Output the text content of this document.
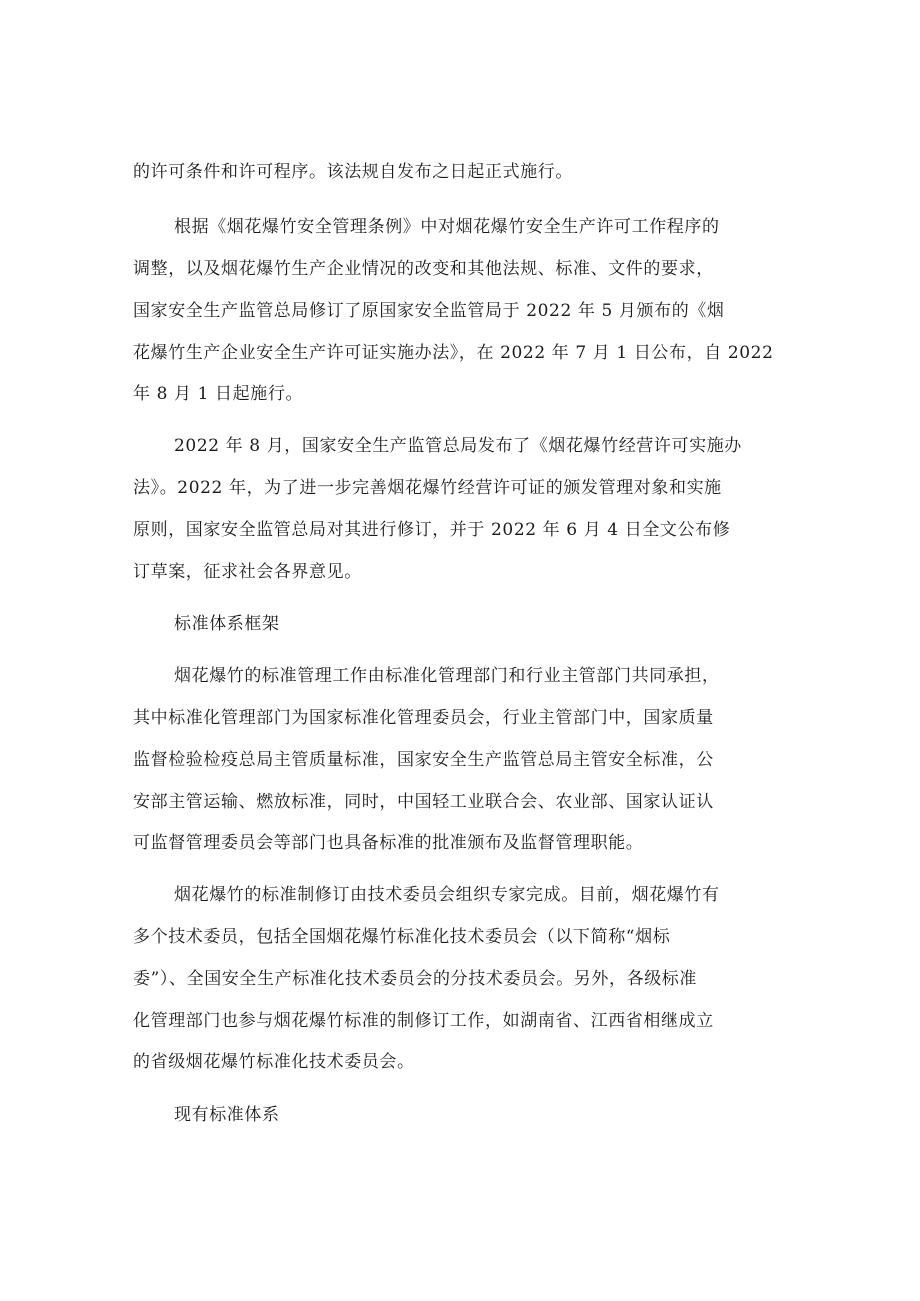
的许可条件和许可程序。该法规自发布之日起正式施行。
根据《烟花爆竹安全管理条例》中对烟花爆竹安全生产许可工作程序的
调整，以及烟花爆竹生产企业情况的改变和其他法规、标准、文件的要求，
国家安全生产监管总局修订了原国家安全监管局于 2022 年 5 月颁布的《烟
花爆竹生产企业安全生产许可证实施办法》，在 2022 年 7 月 1 日公布，自 2022
年 8 月 1 日起施行。
2022 年 8 月，国家安全生产监管总局发布了《烟花爆竹经营许可实施办
法》。2022 年，为了进一步完善烟花爆竹经营许可证的颁发管理对象和实施
原则，国家安全监管总局对其进行修订，并于 2022 年 6 月 4 日全文公布修
订草案，征求社会各界意见。
标准体系框架
烟花爆竹的标准管理工作由标准化管理部门和行业主管部门共同承担，
其中标准化管理部门为国家标准化管理委员会，行业主管部门中，国家质量
监督检验检疫总局主管质量标准，国家安全生产监管总局主管安全标准，公
安部主管运输、燃放标准，同时，中国轻工业联合会、农业部、国家认证认
可监督管理委员会等部门也具备标准的批准颁布及监督管理职能。
烟花爆竹的标准制修订由技术委员会组织专家完成。目前，烟花爆竹有
多个技术委员，包括全国烟花爆竹标准化技术委员会（以下简称“烟标
委”）、全国安全生产标准化技术委员会的分技术委员会。另外，各级标准
化管理部门也参与烟花爆竹标准的制修订工作，如湖南省、江西省相继成立
的省级烟花爆竹标准化技术委员会。
现有标准体系
